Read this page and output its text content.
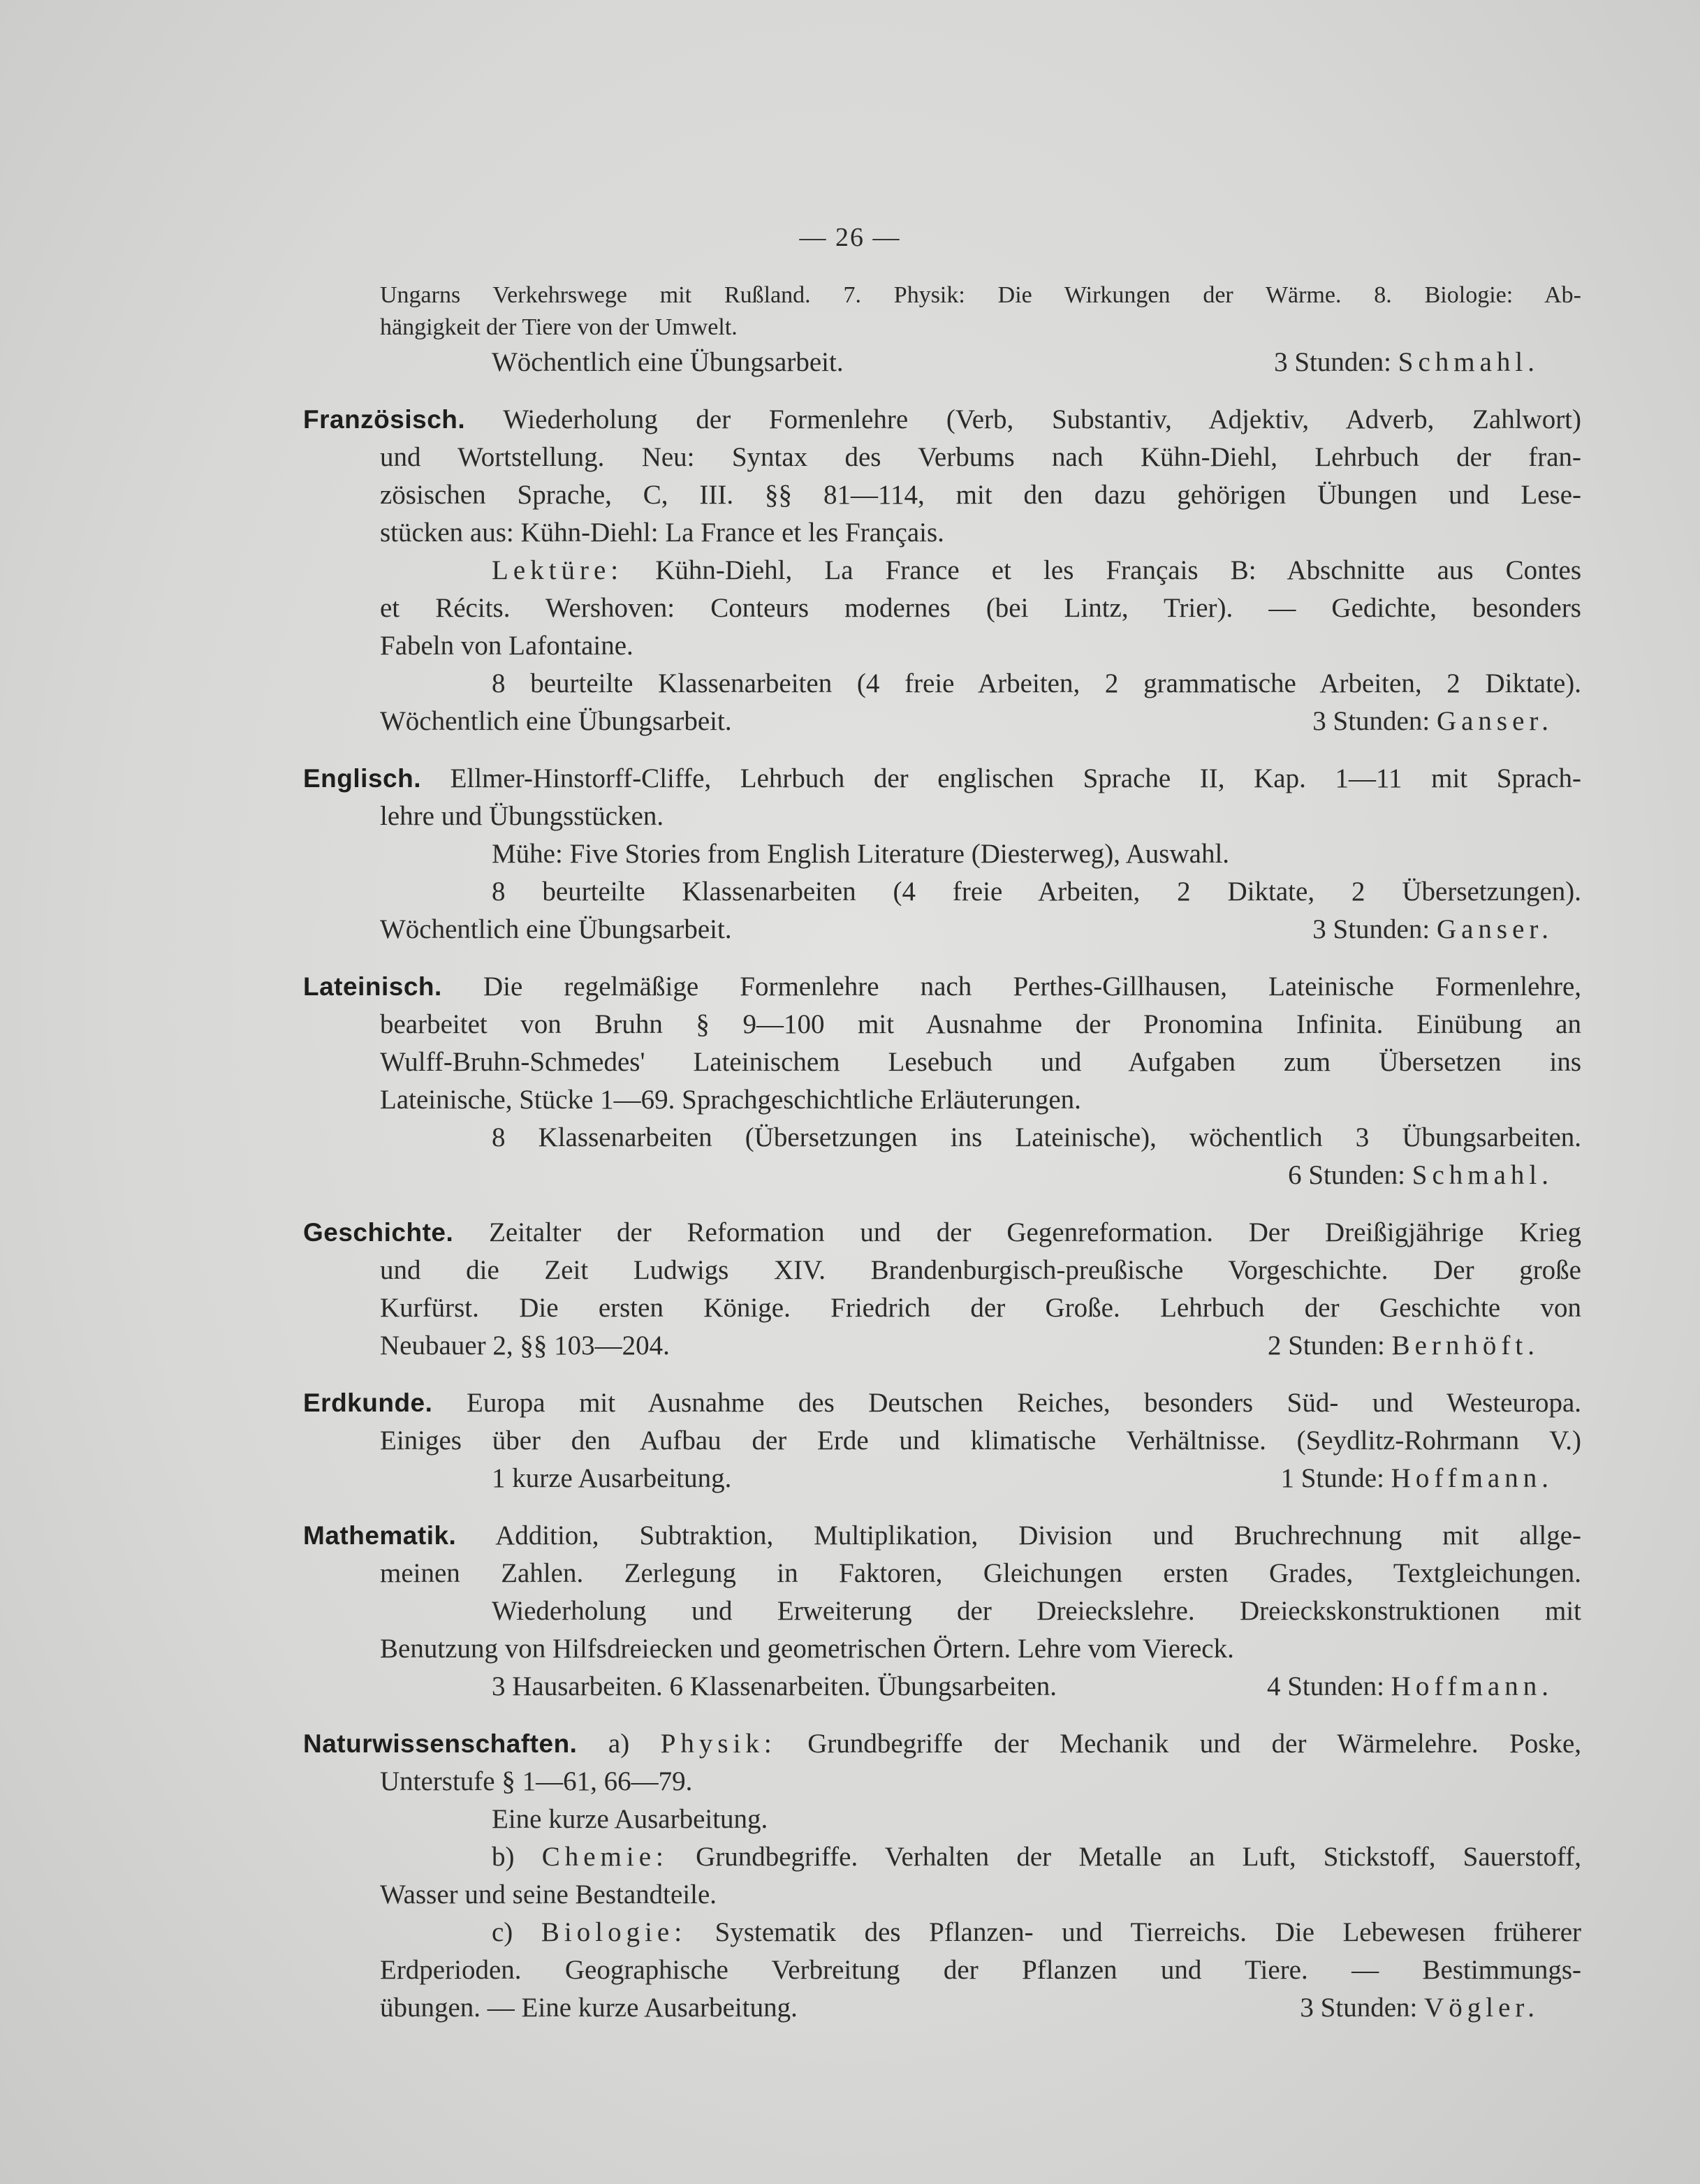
— 26 —
Ungarns Verkehrswege mit Rußland. 7. Physik: Die Wirkungen der Wärme. 8. Biologie: Ab-
hängigkeit der Tiere von der Umwelt.
Wöchentlich eine Übungsarbeit.	3 Stunden: Schmahl.
Französisch. Wiederholung der Formenlehre (Verb, Substantiv, Adjektiv, Adverb, Zahlwort)
und Wortstellung. Neu: Syntax des Verbums nach Kühn-Diehl, Lehrbuch der fran-
zösischen Sprache, C, III. §§ 81—114, mit den dazu gehörigen Übungen und Lese-
stücken aus: Kühn-Diehl: La France et les Français.
Lektüre: Kühn-Diehl, La France et les Français B: Abschnitte aus Contes
et Récits. Wershoven: Conteurs modernes (bei Lintz, Trier). — Gedichte, besonders
Fabeln von Lafontaine.
8 beurteilte Klassenarbeiten (4 freie Arbeiten, 2 grammatische Arbeiten, 2 Diktate).
Wöchentlich eine Übungsarbeit.	3 Stunden: Ganser.
Englisch. Ellmer-Hinstorff-Cliffe, Lehrbuch der englischen Sprache II, Kap. 1—11 mit Sprach-
lehre und Übungsstücken.
Mühe: Five Stories from English Literature (Diesterweg), Auswahl.
8 beurteilte Klassenarbeiten (4 freie Arbeiten, 2 Diktate, 2 Übersetzungen).
Wöchentlich eine Übungsarbeit.	3 Stunden: Ganser.
Lateinisch. Die regelmäßige Formenlehre nach Perthes-Gillhausen, Lateinische Formenlehre,
bearbeitet von Bruhn § 9—100 mit Ausnahme der Pronomina Infinita. Einübung an
Wulff-Bruhn-Schmedes' Lateinischem Lesebuch und Aufgaben zum Übersetzen ins
Lateinische, Stücke 1—69. Sprachgeschichtliche Erläuterungen.
8 Klassenarbeiten (Übersetzungen ins Lateinische), wöchentlich 3 Übungsarbeiten.
6 Stunden: Schmahl.
Geschichte. Zeitalter der Reformation und der Gegenreformation. Der Dreißigjährige Krieg
und die Zeit Ludwigs XIV. Brandenburgisch-preußische Vorgeschichte. Der große
Kurfürst. Die ersten Könige. Friedrich der Große. Lehrbuch der Geschichte von
Neubauer 2, §§ 103—204.	2 Stunden: Bernhöft.
Erdkunde. Europa mit Ausnahme des Deutschen Reiches, besonders Süd- und Westeuropa.
Einiges über den Aufbau der Erde und klimatische Verhältnisse. (Seydlitz-Rohrmann V.)
1 kurze Ausarbeitung.	1 Stunde: Hoffmann.
Mathematik. Addition, Subtraktion, Multiplikation, Division und Bruchrechnung mit allge-
meinen Zahlen. Zerlegung in Faktoren, Gleichungen ersten Grades, Textgleichungen.
Wiederholung und Erweiterung der Dreieckslehre. Dreieckskonstruktionen mit
Benutzung von Hilfsdreiecken und geometrischen Örtern. Lehre vom Viereck.
3 Hausarbeiten. 6 Klassenarbeiten. Übungsarbeiten.	4 Stunden: Hoffmann.
Naturwissenschaften. a) Physik: Grundbegriffe der Mechanik und der Wärmelehre. Poske,
Unterstufe § 1—61, 66—79.
Eine kurze Ausarbeitung.
b) Chemie: Grundbegriffe. Verhalten der Metalle an Luft, Stickstoff, Sauerstoff,
Wasser und seine Bestandteile.
c) Biologie: Systematik des Pflanzen- und Tierreichs. Die Lebewesen früherer
Erdperioden. Geographische Verbreitung der Pflanzen und Tiere. — Bestimmungs-
übungen. — Eine kurze Ausarbeitung.	3 Stunden: Vögler.
